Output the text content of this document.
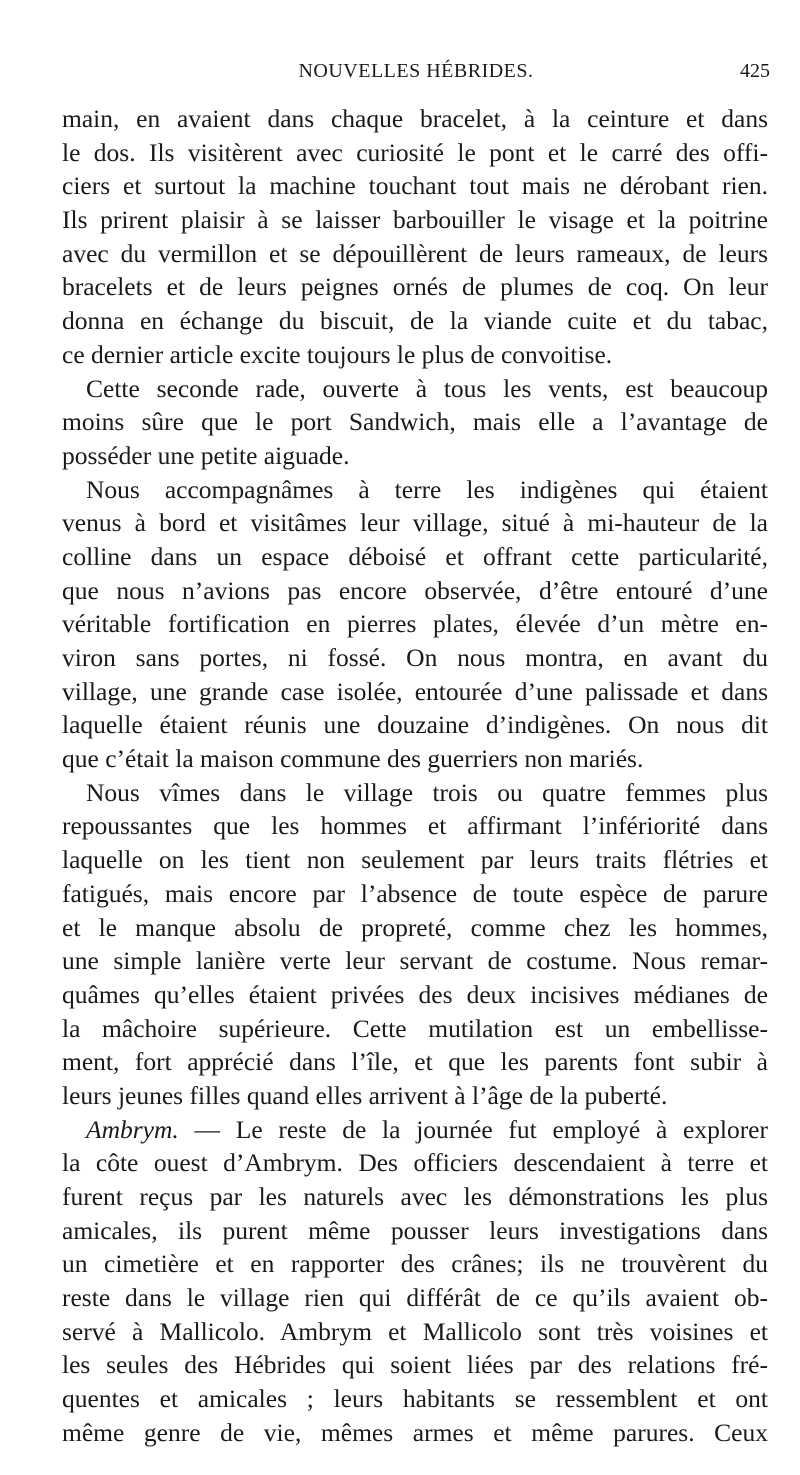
NOUVELLES HÉBRIDES.	425
main, en avaient dans chaque bracelet, à la ceinture et dans
le dos. Ils visitèrent avec curiosité le pont et le carré des offi-
ciers et surtout la machine touchant tout mais ne dérobant rien.
Ils prirent plaisir à se laisser barbouiller le visage et la poitrine
avec du vermillon et se dépouillèrent de leurs rameaux, de leurs
bracelets et de leurs peignes ornés de plumes de coq. On leur
donna en échange du biscuit, de la viande cuite et du tabac,
ce dernier article excite toujours le plus de convoitise.
Cette seconde rade, ouverte à tous les vents, est beaucoup
moins sûre que le port Sandwich, mais elle a l’avantage de
posséder une petite aiguade.
Nous accompagnâmes à terre les indigènes qui étaient
venus à bord et visitâmes leur village, situé à mi-hauteur de la
colline dans un espace déboisé et offrant cette particularité,
que nous n’avions pas encore observée, d’être entouré d’une
véritable fortification en pierres plates, élevée d’un mètre en-
viron sans portes, ni fossé. On nous montra, en avant du
village, une grande case isolée, entourée d’une palissade et dans
laquelle étaient réunis une douzaine d’indigènes. On nous dit
que c’était la maison commune des guerriers non mariés.
Nous vîmes dans le village trois ou quatre femmes plus
repoussantes que les hommes et affirmant l’infériorité dans
laquelle on les tient non seulement par leurs traits flétries et
fatigués, mais encore par l’absence de toute espèce de parure
et le manque absolu de propreté, comme chez les hommes,
une simple lanière verte leur servant de costume. Nous remar-
quâmes qu’elles étaient privées des deux incisives médianes de
la mâchoire supérieure. Cette mutilation est un embellisse-
ment, fort apprécié dans l’île, et que les parents font subir à
leurs jeunes filles quand elles arrivent à l’âge de la puberté.
Ambrym. — Le reste de la journée fut employé à explorer
la côte ouest d’Ambrym. Des officiers descendaient à terre et
furent reçus par les naturels avec les démonstrations les plus
amicales, ils purent même pousser leurs investigations dans
un cimetière et en rapporter des crânes; ils ne trouvèrent du
reste dans le village rien qui différât de ce qu’ils avaient ob-
servé à Mallicolo. Ambrym et Mallicolo sont très voisines et
les seules des Hébrides qui soient liées par des relations fré-
quentes et amicales ; leurs habitants se ressemblent et ont
même genre de vie, mêmes armes et même parures. Ceux
